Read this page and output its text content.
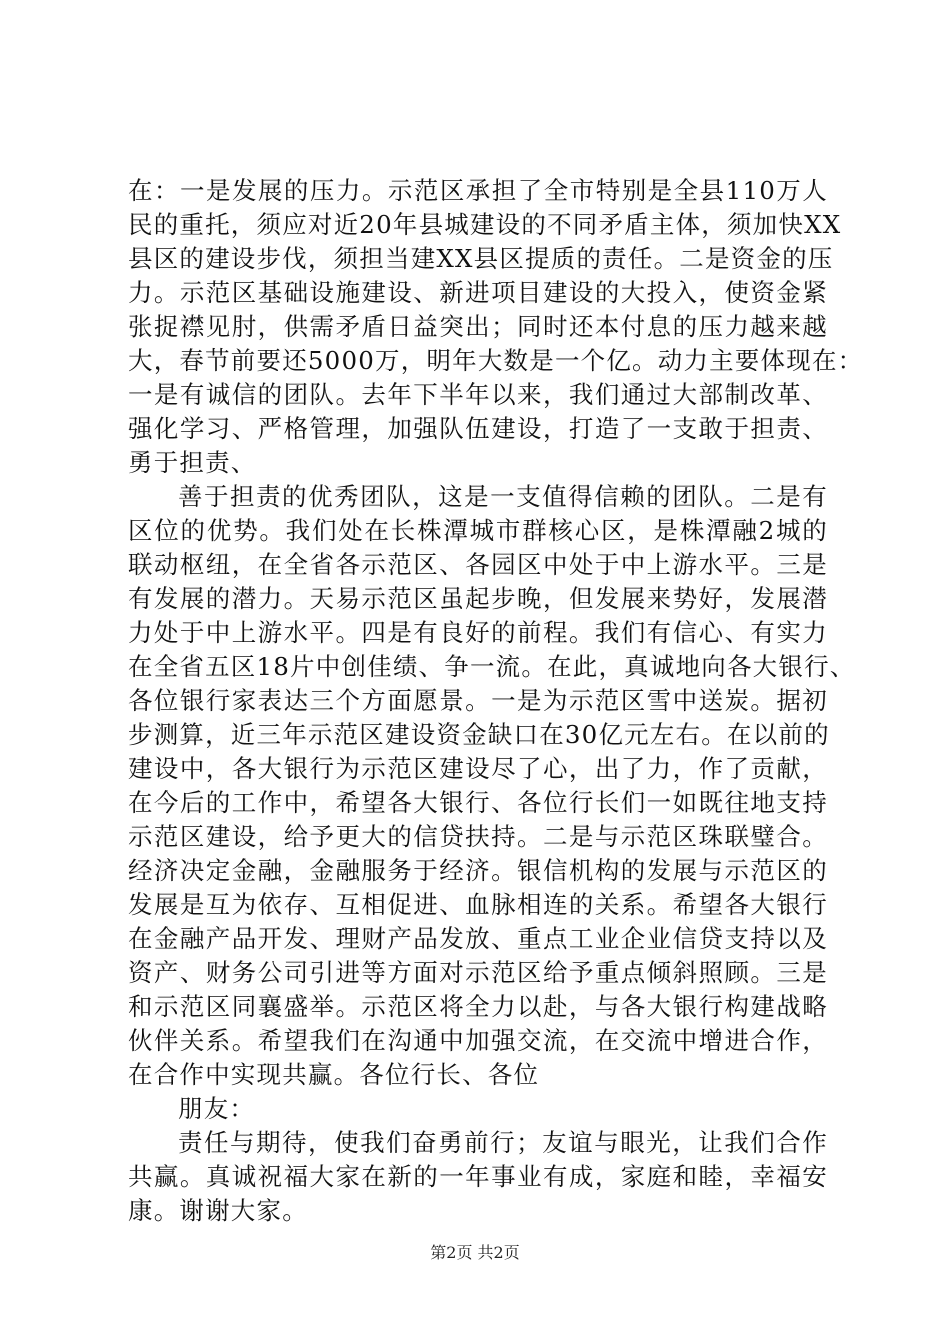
在：一是发展的压力。示范区承担了全市特别是全县110万人
民的重托，须应对近20年县城建设的不同矛盾主体，须加快XX
县区的建设步伐，须担当建XX县区提质的责任。二是资金的压
力。示范区基础设施建设、新进项目建设的大投入，使资金紧
张捉襟见肘，供需矛盾日益突出；同时还本付息的压力越来越
大，春节前要还5000万，明年大数是一个亿。动力主要体现在：
一是有诚信的团队。去年下半年以来，我们通过大部制改革、
强化学习、严格管理，加强队伍建设，打造了一支敢于担责、
勇于担责、
善于担责的优秀团队，这是一支值得信赖的团队。二是有
区位的优势。我们处在长株潭城市群核心区，是株潭融2城的
联动枢纽，在全省各示范区、各园区中处于中上游水平。三是
有发展的潜力。天易示范区虽起步晚，但发展来势好，发展潜
力处于中上游水平。四是有良好的前程。我们有信心、有实力
在全省五区18片中创佳绩、争一流。在此，真诚地向各大银行、
各位银行家表达三个方面愿景。一是为示范区雪中送炭。据初
步测算，近三年示范区建设资金缺口在30亿元左右。在以前的
建设中，各大银行为示范区建设尽了心，出了力，作了贡献，
在今后的工作中，希望各大银行、各位行长们一如既往地支持
示范区建设，给予更大的信贷扶持。二是与示范区珠联璧合。
经济决定金融，金融服务于经济。银信机构的发展与示范区的
发展是互为依存、互相促进、血脉相连的关系。希望各大银行
在金融产品开发、理财产品发放、重点工业企业信贷支持以及
资产、财务公司引进等方面对示范区给予重点倾斜照顾。三是
和示范区同襄盛举。示范区将全力以赴，与各大银行构建战略
伙伴关系。希望我们在沟通中加强交流，在交流中增进合作，
在合作中实现共赢。各位行长、各位
朋友：
责任与期待，使我们奋勇前行；友谊与眼光，让我们合作
共赢。真诚祝福大家在新的一年事业有成，家庭和睦，幸福安
康。谢谢大家。
第2页 共2页
